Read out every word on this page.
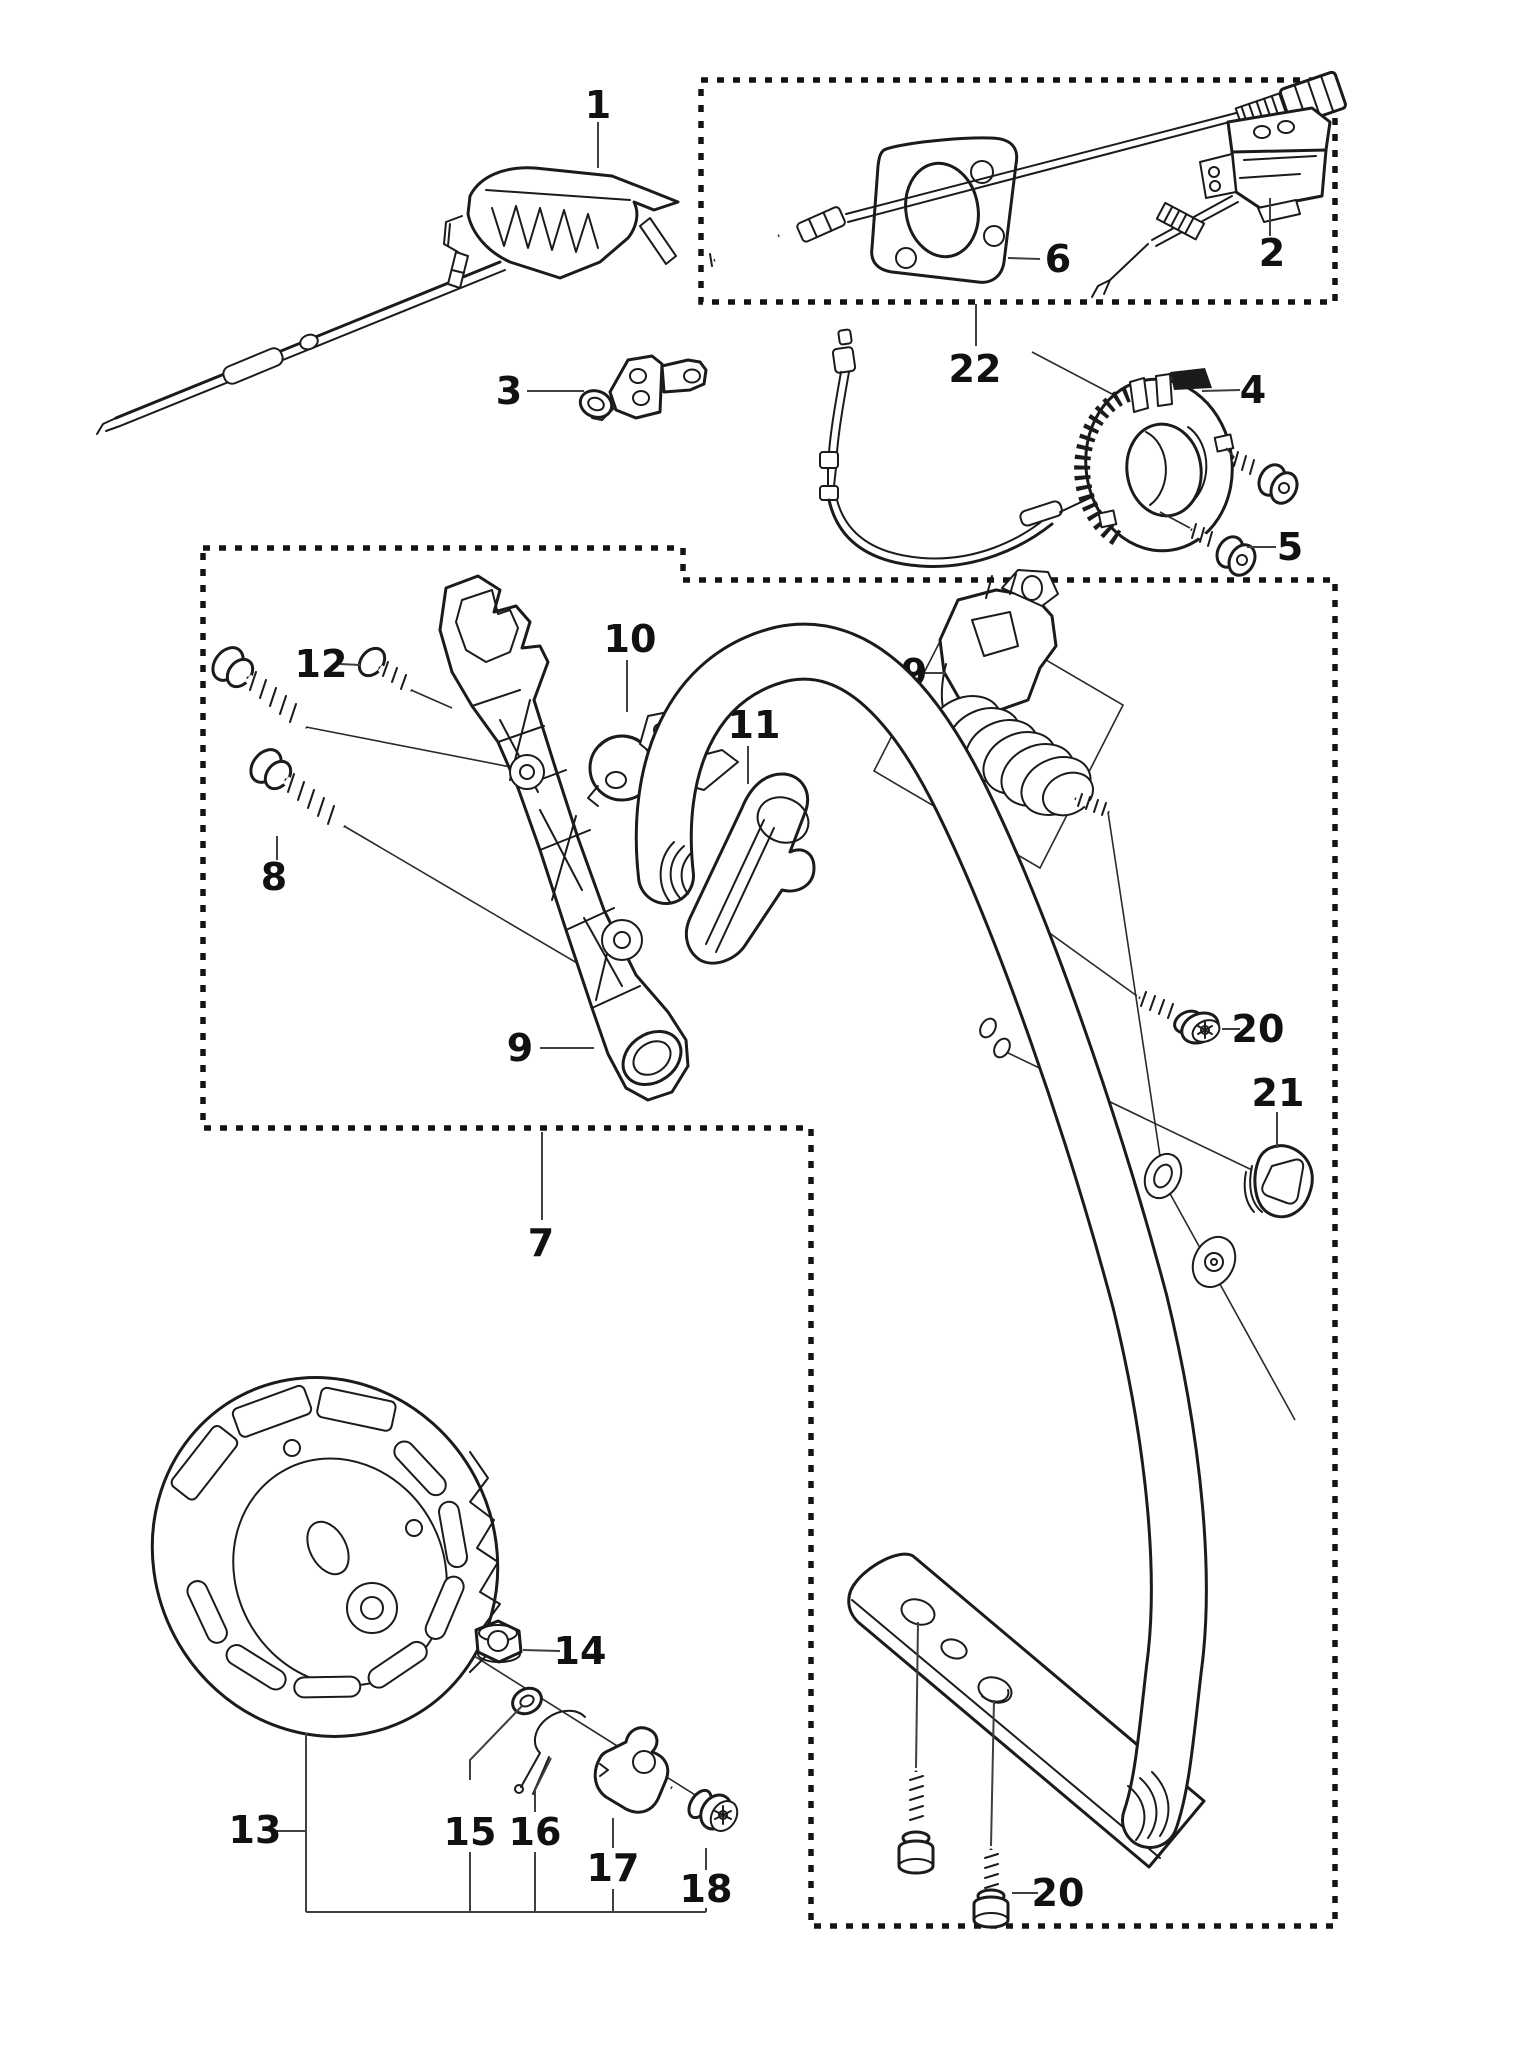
1
3
6	2
22	4
5
8
12
9
10
11
19
20
21
7
20
14
13	15 16
17 18
